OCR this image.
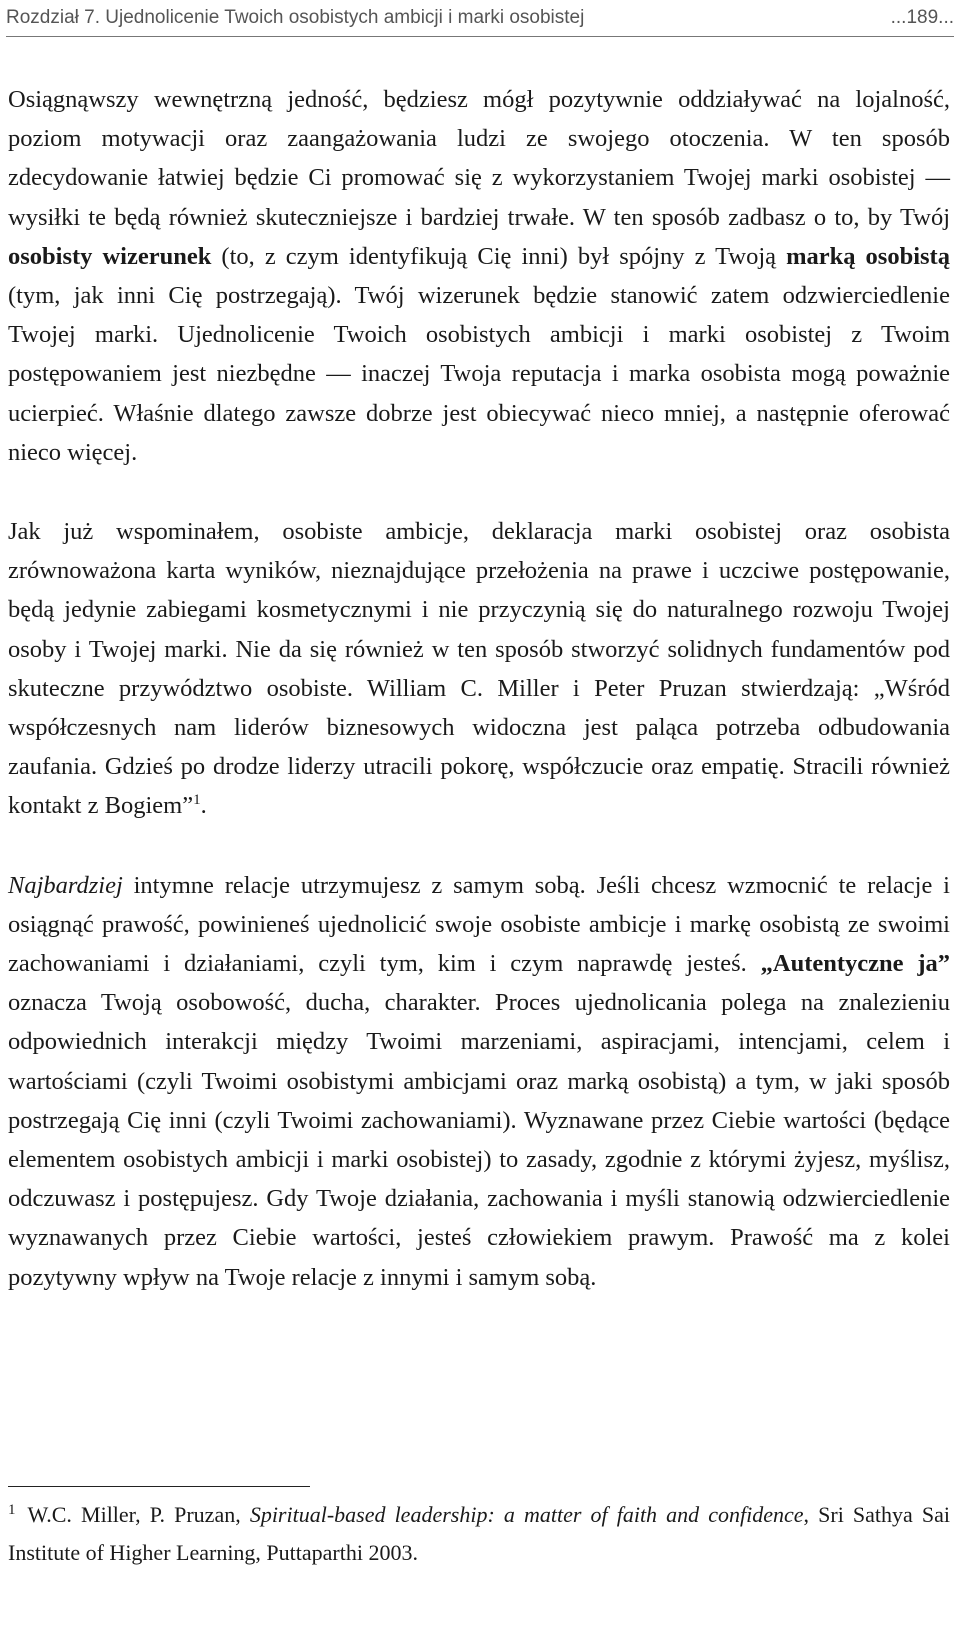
Rozdział 7. Ujednolicenie Twoich osobistych ambicji i marki osobistej	...189...

Osiągnąwszy wewnętrzną jedność, będziesz mógł pozytywnie oddziaływać na lojalność, poziom motywacji oraz zaangażowania ludzi ze swojego otoczenia. W ten sposób zdecydowanie łatwiej będzie Ci promować się z wykorzystaniem Twojej marki osobistej — wysiłki te będą również skuteczniejsze i bardziej trwałe. W ten sposób zadbasz o to, by Twój osobisty wizerunek (to, z czym identyfikują Cię inni) był spójny z Twoją marką osobistą (tym, jak inni Cię postrzegają). Twój wizerunek będzie stanowić zatem odzwierciedlenie Twojej marki. Ujednolicenie Twoich osobistych ambicji i marki osobistej z Twoim postępowaniem jest niezbędne — inaczej Twoja reputacja i marka osobista mogą poważnie ucierpieć. Właśnie dlatego zawsze dobrze jest obiecywać nieco mniej, a następnie oferować nieco więcej.

Jak już wspominałem, osobiste ambicje, deklaracja marki osobistej oraz osobista zrównoważona karta wyników, nieznajdujące przełożenia na prawe i uczciwe postępowanie, będą jedynie zabiegami kosmetycznymi i nie przyczynią się do naturalnego rozwoju Twojej osoby i Twojej marki. Nie da się również w ten sposób stworzyć solidnych fundamentów pod skuteczne przywództwo osobiste. William C. Miller i Peter Pruzan stwierdzają: „Wśród współczesnych nam liderów biznesowych widoczna jest paląca potrzeba odbudowania zaufania. Gdzieś po drodze liderzy utracili pokorę, współczucie oraz empatię. Stracili również kontakt z Bogiem”$^1$.

Najbardziej intymne relacje utrzymujesz z samym sobą. Jeśli chcesz wzmocnić te relacje i osiągnąć prawość, powinieneś ujednolicić swoje osobiste ambicje i markę osobistą ze swoimi zachowaniami i działaniami, czyli tym, kim i czym naprawdę jesteś. „Autentyczne ja” oznacza Twoją osobowość, ducha, charakter. Proces ujednolicania polega na znalezieniu odpowiednich interakcji między Twoimi marzeniami, aspiracjami, intencjami, celem i wartościami (czyli Twoimi osobistymi ambicjami oraz marką osobistą) a tym, w jaki sposób postrzegają Cię inni (czyli Twoimi zachowaniami). Wyznawane przez Ciebie wartości (będące elementem osobistych ambicji i marki osobistej) to zasady, zgodnie z którymi żyjesz, myślisz, odczuwasz i postępujesz. Gdy Twoje działania, zachowania i myśli stanowią odzwierciedlenie wyznawanych przez Ciebie wartości, jesteś człowiekiem prawym. Prawość ma z kolei pozytywny wpływ na Twoje relacje z innymi i samym sobą.

$^1$ W.C. Miller, P. Pruzan, Spiritual-based leadership: a matter of faith and confidence, Sri Sathya Sai Institute of Higher Learning, Puttaparthi 2003.
